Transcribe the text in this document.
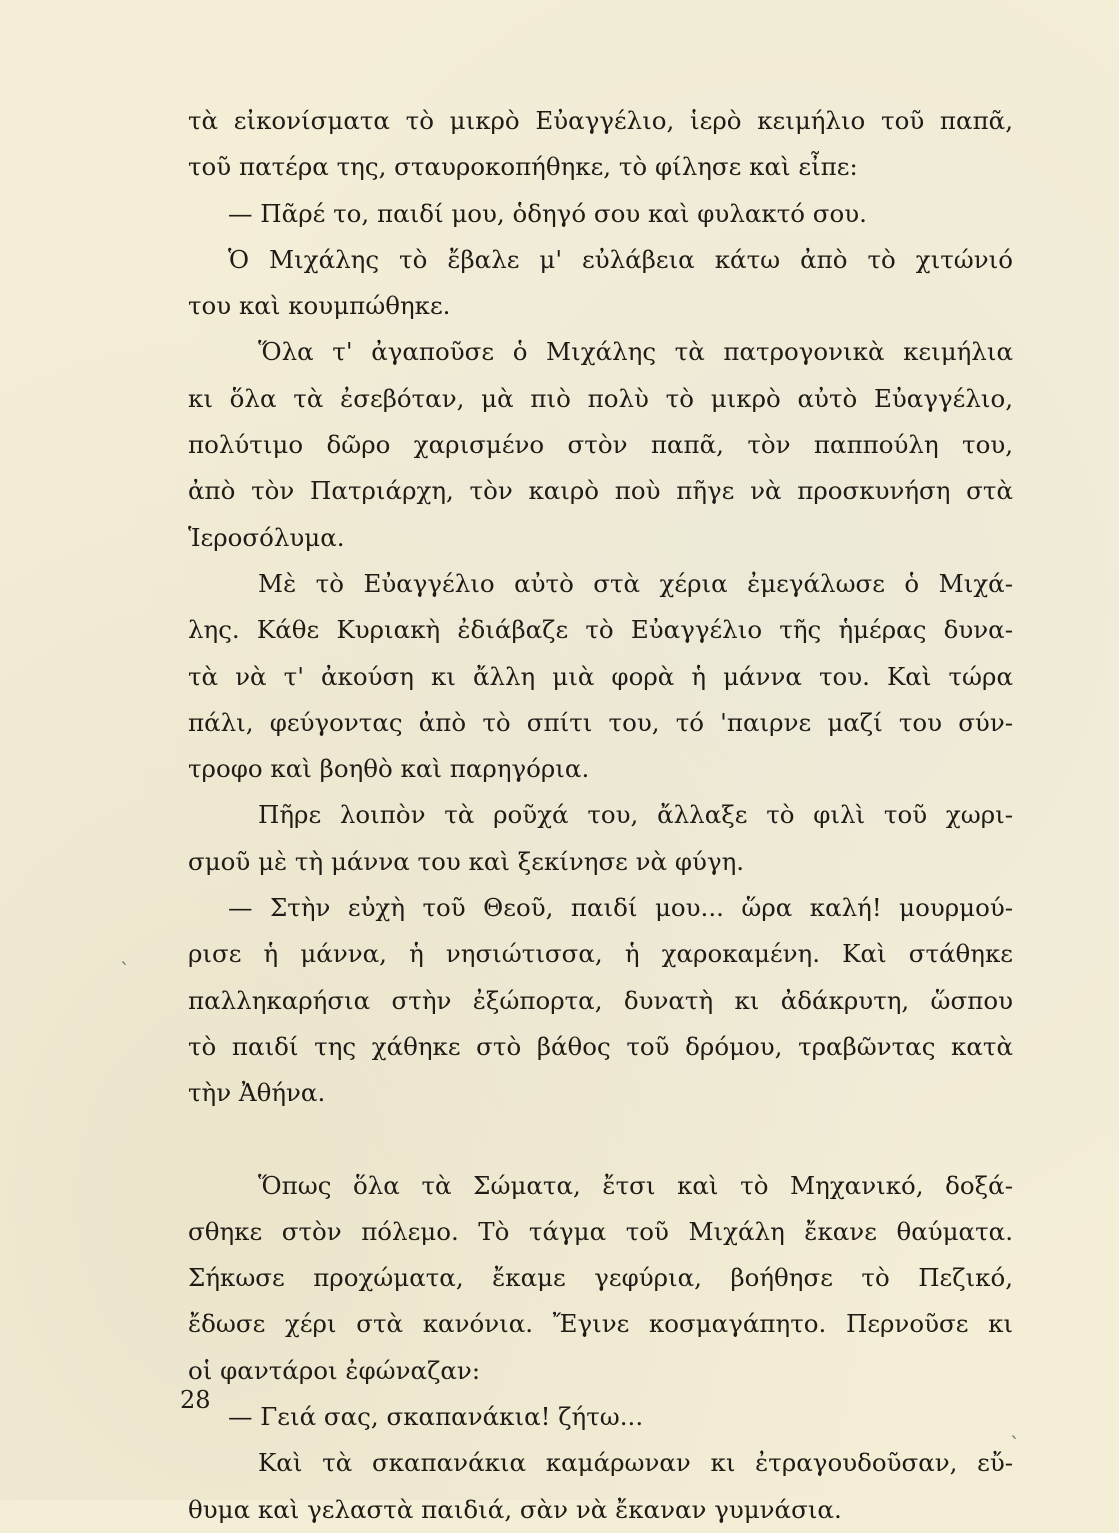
τὰ εἰκονίσματα τὸ μικρὸ Εὐαγγέλιο, ἱερὸ κειμήλιο τοῦ παπᾶ,
τοῦ πατέρα της, σταυροκοπήθηκε, τὸ φίλησε καὶ εἶπε:
— Πᾶρέ το, παιδί μου, ὁδηγό σου καὶ φυλακτό σου.
Ὁ Μιχάλης τὸ ἔβαλε μ' εὐλάβεια κάτω ἀπὸ τὸ χιτώνιό
του καὶ κουμπώθηκε.
Ὅλα τ' ἀγαποῦσε ὁ Μιχάλης τὰ πατρογονικὰ κειμήλια
κι ὅλα τὰ ἐσεβόταν, μὰ πιὸ πολὺ τὸ μικρὸ αὐτὸ Εὐαγγέλιο,
πολύτιμο δῶρο χαρισμένο στὸν παπᾶ, τὸν παππούλη του,
ἀπὸ τὸν Πατριάρχη, τὸν καιρὸ ποὺ πῆγε νὰ προσκυνήση στὰ
Ἱεροσόλυμα.
Μὲ τὸ Εὐαγγέλιο αὐτὸ στὰ χέρια ἐμεγάλωσε ὁ Μιχά-
λης. Κάθε Κυριακὴ ἐδιάβαζε τὸ Εὐαγγέλιο τῆς ἡμέρας δυνα-
τὰ νὰ τ' ἀκούση κι ἄλλη μιὰ φορὰ ἡ μάννα του. Καὶ τώρα
πάλι, φεύγοντας ἀπὸ τὸ σπίτι του, τό 'παιρνε μαζί του σύν-
τροφο καὶ βοηθὸ καὶ παρηγόρια.
Πῆρε λοιπὸν τὰ ροῦχά του, ἄλλαξε τὸ φιλὶ τοῦ χωρι-
σμοῦ μὲ τὴ μάννα του καὶ ξεκίνησε νὰ φύγη.
— Στὴν εὐχὴ τοῦ Θεοῦ, παιδί μου... ὥρα καλή! μουρμού-
ρισε ἡ μάννα, ἡ νησιώτισσα, ἡ χαροκαμένη. Καὶ στάθηκε
παλληκαρήσια στὴν ἐξώπορτα, δυνατὴ κι ἀδάκρυτη, ὥσπου
τὸ παιδί της χάθηκε στὸ βάθος τοῦ δρόμου, τραβῶντας κατὰ
τὴν Ἀθήνα.
Ὅπως ὅλα τὰ Σώματα, ἔτσι καὶ τὸ Μηχανικό, δοξά-
σθηκε στὸν πόλεμο. Τὸ τάγμα τοῦ Μιχάλη ἔκανε θαύματα.
Σήκωσε προχώματα, ἔκαμε γεφύρια, βοήθησε τὸ Πεζικό,
ἔδωσε χέρι στὰ κανόνια. Ἔγινε κοσμαγάπητο. Περνοῦσε κι
οἱ φαντάροι ἐφώναζαν:
— Γειά σας, σκαπανάκια! ζήτω...
Καὶ τὰ σκαπανάκια καμάρωναν κι ἐτραγουδοῦσαν, εὔ-
θυμα καὶ γελαστὰ παιδιά, σὰν νὰ ἔκαναν γυμνάσια.
28
ˋ
ˋ
